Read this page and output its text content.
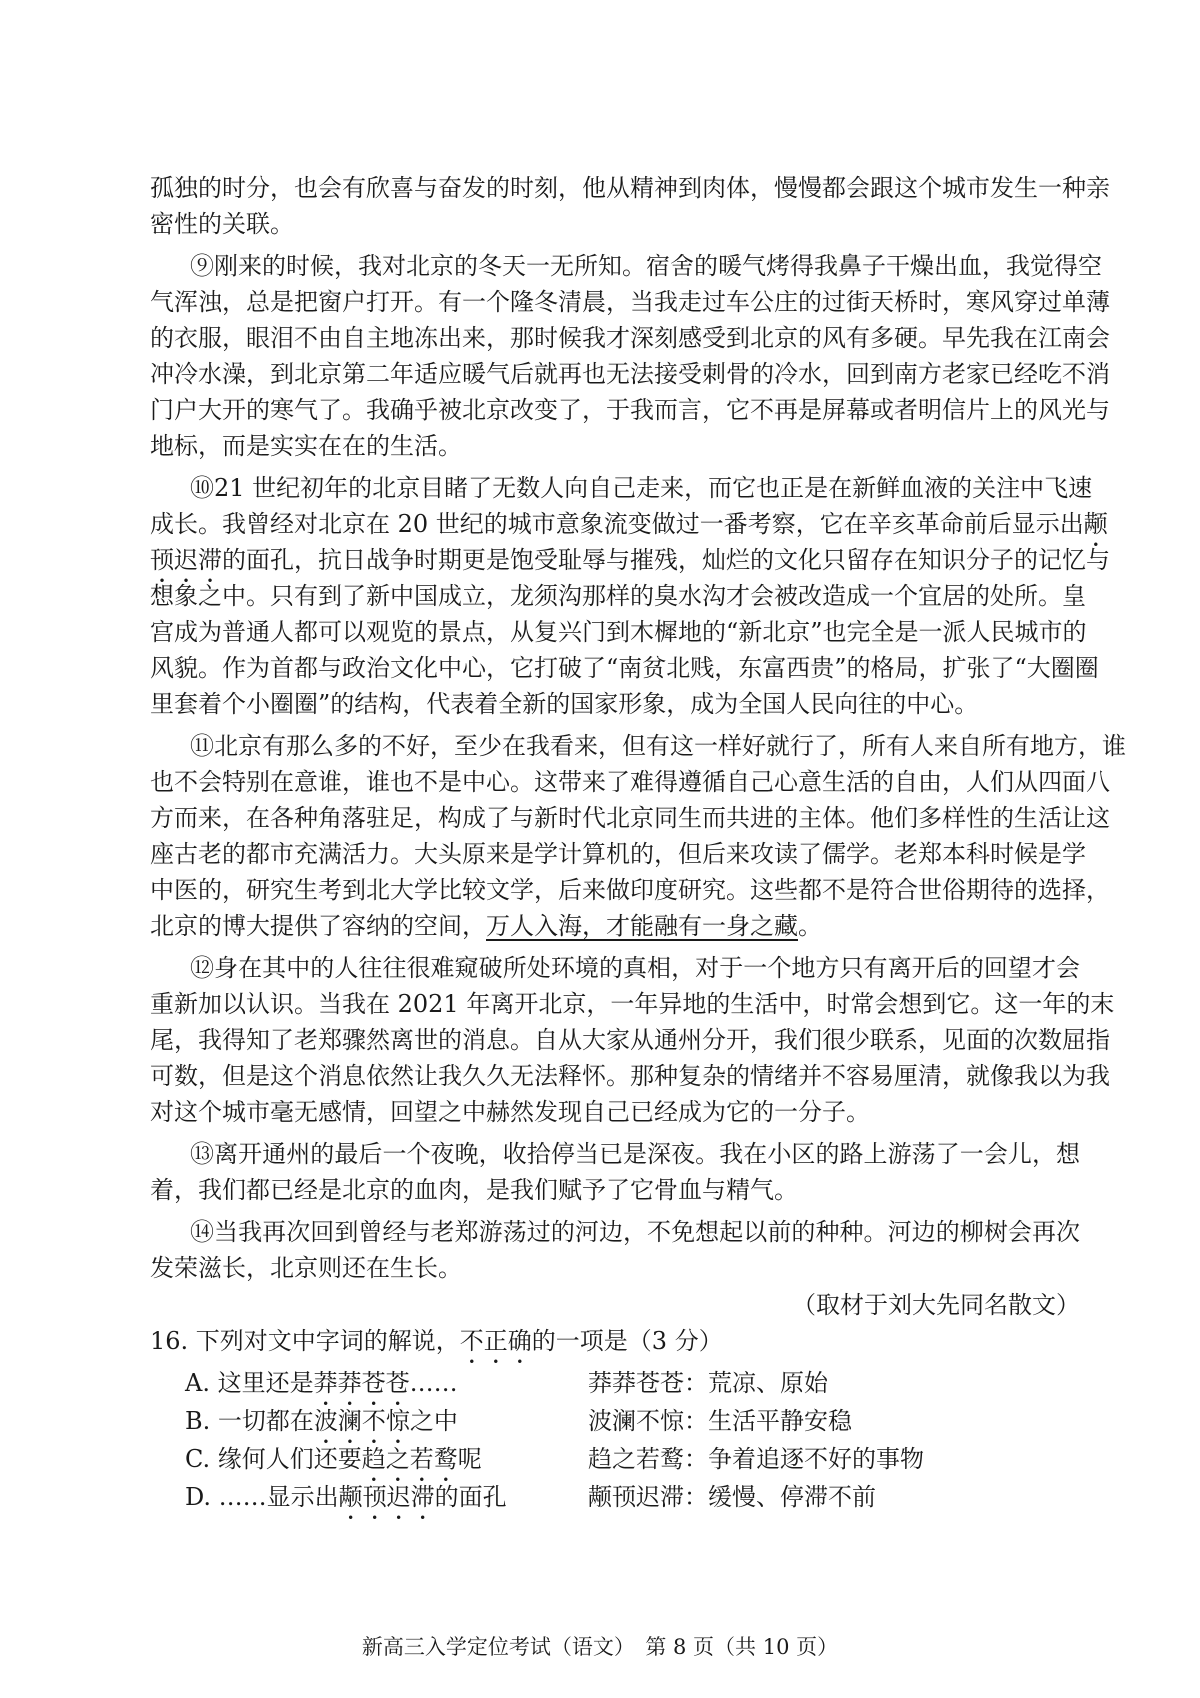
孤独的时分，也会有欣喜与奋发的时刻，他从精神到肉体，慢慢都会跟这个城市发生一种亲
密性的关联。
⑨刚来的时候，我对北京的冬天一无所知。宿舍的暖气烤得我鼻子干燥出血，我觉得空
气浑浊，总是把窗户打开。有一个隆冬清晨，当我走过车公庄的过街天桥时，寒风穿过单薄
的衣服，眼泪不由自主地冻出来，那时候我才深刻感受到北京的风有多硬。早先我在江南会
冲冷水澡，到北京第二年适应暖气后就再也无法接受刺骨的冷水，回到南方老家已经吃不消
门户大开的寒气了。我确乎被北京改变了，于我而言，它不再是屏幕或者明信片上的风光与
地标，而是实实在在的生活。
⑩21 世纪初年的北京目睹了无数人向自己走来，而它也正是在新鲜血液的关注中飞速
成长。我曾经对北京在 20 世纪的城市意象流变做过一番考察，它在辛亥革命前后显示出颟
顸迟滞的面孔，抗日战争时期更是饱受耻辱与摧残，灿烂的文化只留存在知识分子的记忆与
想象之中。只有到了新中国成立，龙须沟那样的臭水沟才会被改造成一个宜居的处所。皇
宫成为普通人都可以观览的景点，从复兴门到木樨地的“新北京”也完全是一派人民城市的
风貌。作为首都与政治文化中心，它打破了“南贫北贱，东富西贵”的格局，扩张了“大圈圈
里套着个小圈圈”的结构，代表着全新的国家形象，成为全国人民向往的中心。
⑪北京有那么多的不好，至少在我看来，但有这一样好就行了，所有人来自所有地方，谁
也不会特别在意谁，谁也不是中心。这带来了难得遵循自己心意生活的自由，人们从四面八
方而来，在各种角落驻足，构成了与新时代北京同生而共进的主体。他们多样性的生活让这
座古老的都市充满活力。大头原来是学计算机的，但后来攻读了儒学。老郑本科时候是学
中医的，研究生考到北大学比较文学，后来做印度研究。这些都不是符合世俗期待的选择，
北京的博大提供了容纳的空间，万人入海，才能融有一身之藏。
⑫身在其中的人往往很难窥破所处环境的真相，对于一个地方只有离开后的回望才会
重新加以认识。当我在 2021 年离开北京，一年异地的生活中，时常会想到它。这一年的末
尾，我得知了老郑骤然离世的消息。自从大家从通州分开，我们很少联系，见面的次数屈指
可数，但是这个消息依然让我久久无法释怀。那种复杂的情绪并不容易厘清，就像我以为我
对这个城市毫无感情，回望之中赫然发现自己已经成为它的一分子。
⑬离开通州的最后一个夜晚，收拾停当已是深夜。我在小区的路上游荡了一会儿，想
着，我们都已经是北京的血肉，是我们赋予了它骨血与精气。
⑭当我再次回到曾经与老郑游荡过的河边，不免想起以前的种种。河边的柳树会再次
发荣滋长，北京则还在生长。
（取材于刘大先同名散文）
16. 下列对文中字词的解说，不正确的一项是（3 分）
A. 这里还是莽莽苍苍……	莽莽苍苍：荒凉、原始
B. 一切都在波澜不惊之中	波澜不惊：生活平静安稳
C. 缘何人们还要趋之若鹜呢	趋之若鹜：争着追逐不好的事物
D. ……显示出颟顸迟滞的面孔	颟顸迟滞：缓慢、停滞不前
新高三入学定位考试（语文）　第 8 页（共 10 页）
